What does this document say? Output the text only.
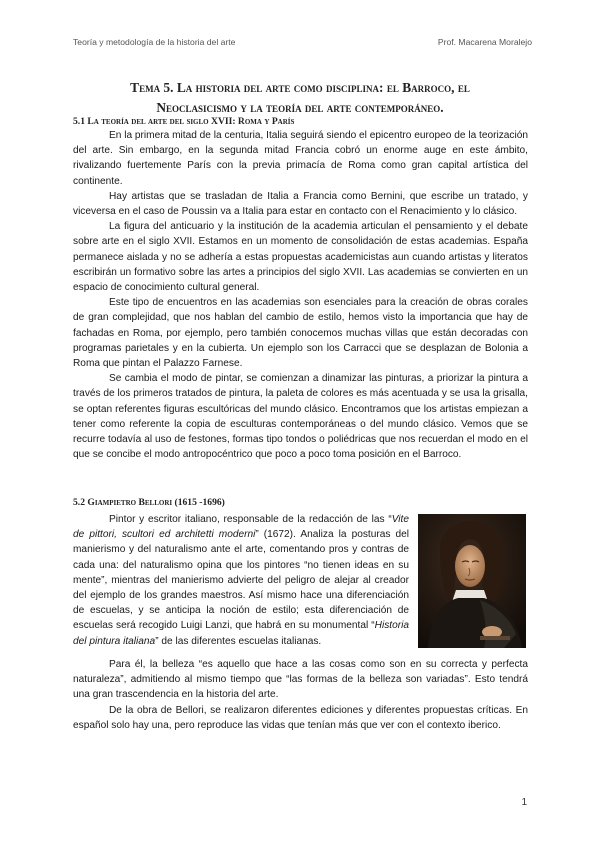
Teoría y metodología de la historia del arte	Prof. Macarena Moralejo
Tema 5. La historia del arte como disciplina: el Barroco, el
Neoclasicismo y la teoría del arte contemporáneo.
5.1 La teoría del arte del siglo XVII: Roma y París

En la primera mitad de la centuria, Italia seguirá siendo el epicentro europeo de la teorización del arte. Sin embargo, en la segunda mitad Francia cobró un enorme auge en este ámbito, rivalizando fuertemente París con la previa primacía de Roma como gran capital artística del continente.

Hay artistas que se trasladan de Italia a Francia como Bernini, que escribe un tratado, y viceversa en el caso de Poussin va a Italia para estar en contacto con el Renacimiento y lo clásico.

La figura del anticuario y la institución de la academia articulan el pensamiento y el debate sobre arte en el siglo XVII. Estamos en un momento de consolidación de estas academias. España permanece aislada y no se adhería a estas propuestas academicistas aun cuando artistas y literatos escribirán un formativo sobre las artes a principios del siglo XVII. Las academias se convierten en un espacio de conocimiento cultural general.

Este tipo de encuentros en las academias son esenciales para la creación de obras corales de gran complejidad, que nos hablan del cambio de estilo, hemos visto la importancia que hay de fachadas en Roma, por ejemplo, pero también conocemos muchas villas que están decoradas con programas parietales y en la cubierta. Un ejemplo son los Carracci que se desplazan de Bolonia a Roma que pintan el Palazzo Farnese.

Se cambia el modo de pintar, se comienzan a dinamizar las pinturas, a priorizar la pintura a través de los primeros tratados de pintura, la paleta de colores es más acentuada y se usa la grisalla, se optan referentes figuras escultóricas del mundo clásico. Encontramos que los artistas empiezan a tener como referente la copia de esculturas contemporáneas o del mundo clásico. Vemos que se recurre todavía al uso de festones, formas tipo tondos o poliédricas que nos recuerdan el modo en el que se concibe el modo antropocéntrico que poco a poco toma posición en el Barroco.

5.2 Giampietro Bellori (1615 -1696)

Pintor y escritor italiano, responsable de la redacción de las “Vite de pittori, scultori ed architetti moderni” (1672). Analiza la posturas del manierismo y del naturalismo ante el arte, comentando pros y contras de cada una: del naturalismo opina que los pintores “no tienen ideas en su mente”, mientras del manierismo advierte del peligro de alejar al creador del ejemplo de los grandes maestros. Así mismo hace una diferenciación de escuelas, y se anticipa la noción de estilo; esta diferenciación de escuelas será recogido Luigi Lanzi, que habrá en su monumental “Historia del pintura italiana” de las diferentes escuelas italianas.

Para él, la belleza “es aquello que hace a las cosas como son en su correcta y perfecta naturaleza”, admitiendo al mismo tiempo que “las formas de la belleza son variadas”. Esto tendrá una gran trascendencia en la historia del arte.

De la obra de Bellori, se realizaron diferentes ediciones y diferentes propuestas críticas. En español solo hay una, pero reproduce las vidas que tenían más que ver con el contexto iberico.

1
